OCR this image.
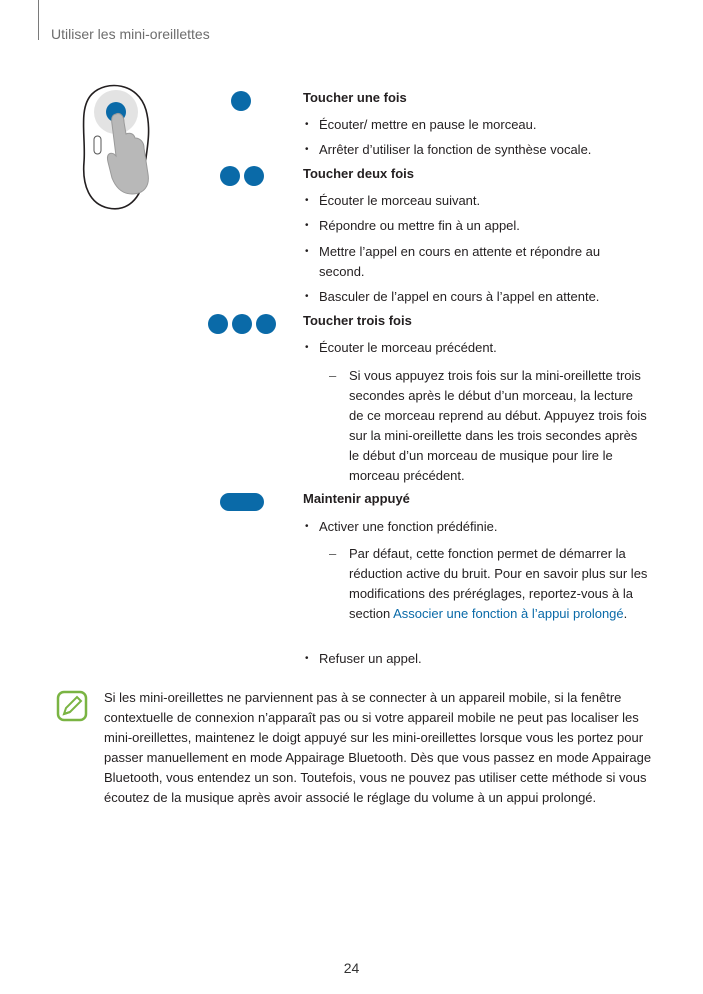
Utiliser les mini-oreillettes
Toucher une fois
• Écouter/ mettre en pause le morceau.
• Arrêter d’utiliser la fonction de synthèse vocale.
Toucher deux fois
• Écouter le morceau suivant.
• Répondre ou mettre fin à un appel.
• Mettre l’appel en cours en attente et répondre au second.
• Basculer de l’appel en cours à l’appel en attente.
Toucher trois fois
• Écouter le morceau précédent.
– Si vous appuyez trois fois sur la mini-oreillette trois secondes après le début d’un morceau, la lecture de ce morceau reprend au début. Appuyez trois fois sur la mini-oreillette dans les trois secondes après le début d’un morceau de musique pour lire le morceau précédent.
Maintenir appuyé
• Activer une fonction prédéfinie.
– Par défaut, cette fonction permet de démarrer la réduction active du bruit. Pour en savoir plus sur les modifications des préréglages, reportez-vous à la section Associer une fonction à l’appui prolongé.
• Refuser un appel.
Si les mini-oreillettes ne parviennent pas à se connecter à un appareil mobile, si la fenêtre contextuelle de connexion n’apparaît pas ou si votre appareil mobile ne peut pas localiser les mini-oreillettes, maintenez le doigt appuyé sur les mini-oreillettes lorsque vous les portez pour passer manuellement en mode Appairage Bluetooth. Dès que vous passez en mode Appairage Bluetooth, vous entendez un son. Toutefois, vous ne pouvez pas utiliser cette méthode si vous écoutez de la musique après avoir associé le réglage du volume à un appui prolongé.
24
